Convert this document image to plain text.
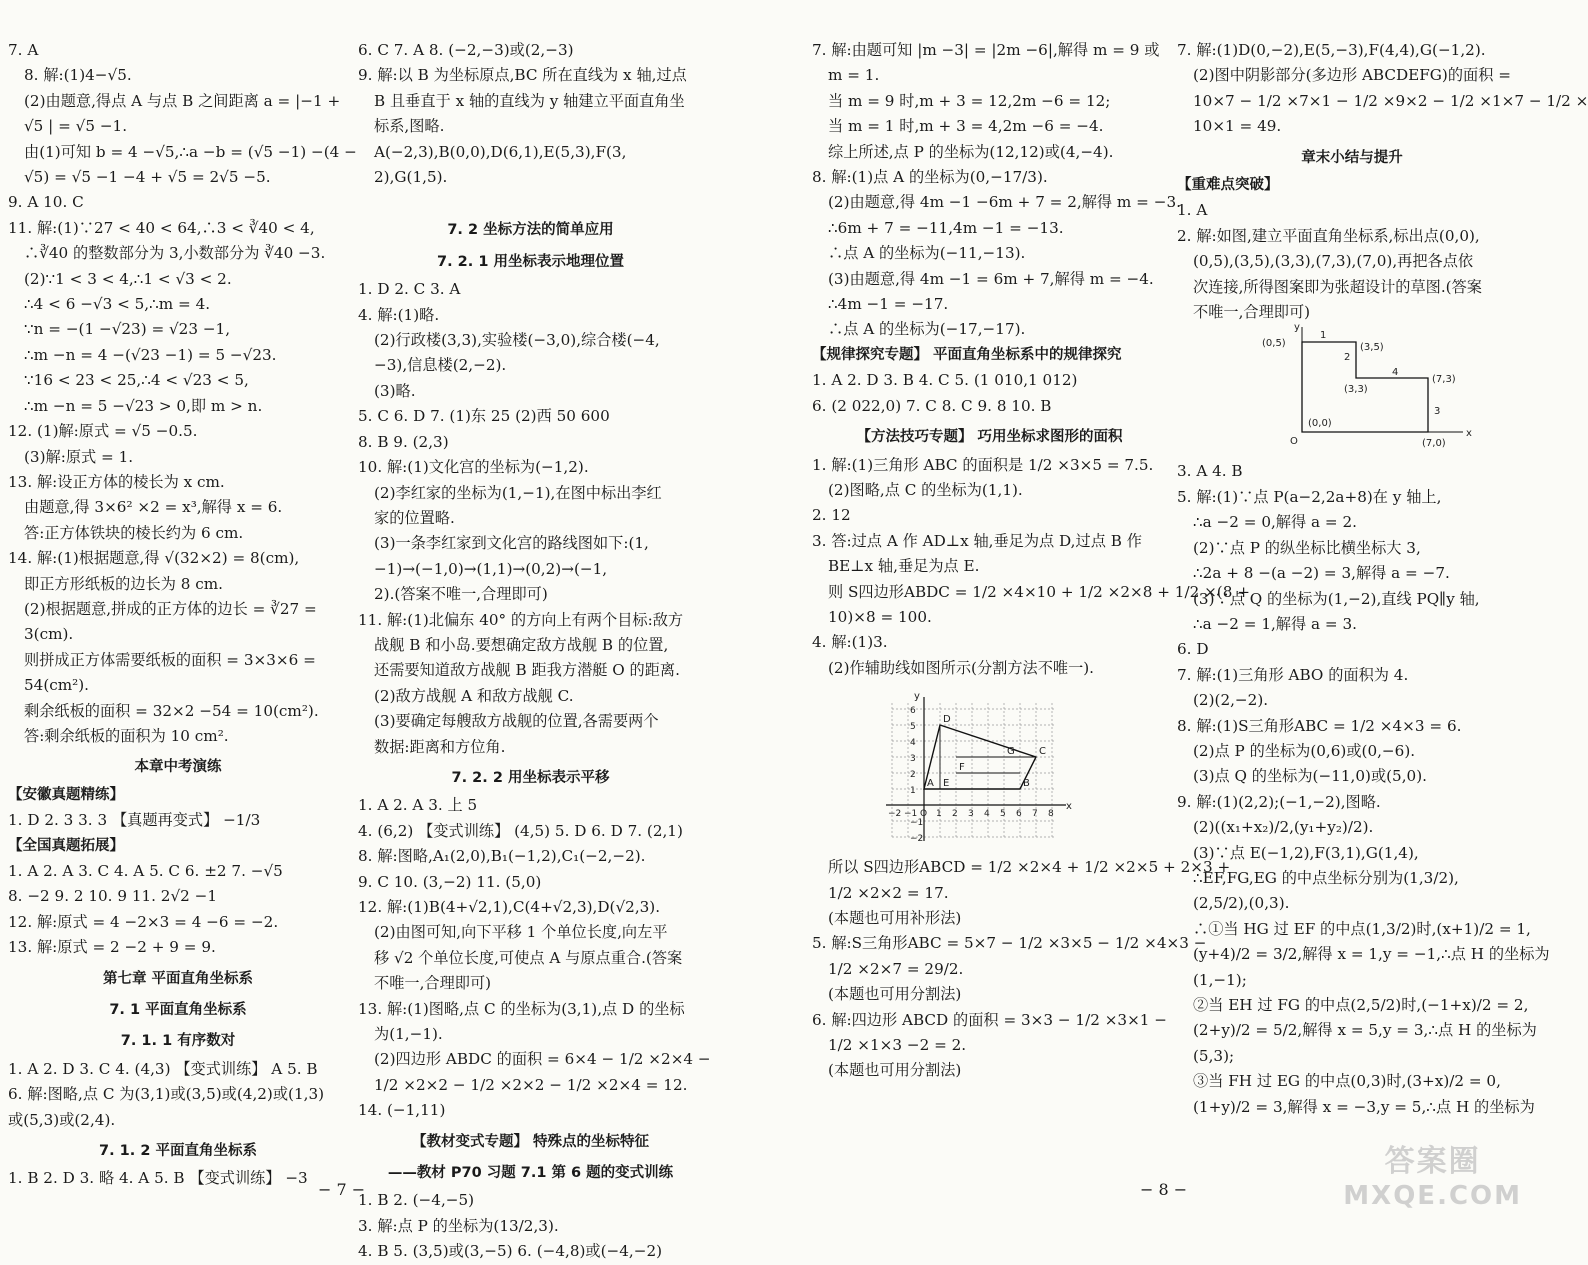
7. A
8. 解:(1)4−√5.
(2)由题意,得点 A 与点 B 之间距离 a = |−1 +
√5 | = √5 −1.
由(1)可知 b = 4 −√5,∴a −b = (√5 −1) −(4 −
√5) = √5 −1 −4 + √5 = 2√5 −5.
9. A 10. C
11. 解:(1)∵27 < 40 < 64,∴3 < ∛40 < 4,
∴∛40 的整数部分为 3,小数部分为 ∛40 −3.
(2)∵1 < 3 < 4,∴1 < √3 < 2.
∴4 < 6 −√3 < 5,∴m = 4.
∵n = −(1 −√23) = √23 −1,
∴m −n = 4 −(√23 −1) = 5 −√23.
∵16 < 23 < 25,∴4 < √23 < 5,
∴m −n = 5 −√23 > 0,即 m > n.
12. (1)解:原式 = √5 −0.5.
(3)解:原式 = 1.
13. 解:设正方体的棱长为 x cm.
由题意,得 3×6² ×2 = x³,解得 x = 6.
答:正方体铁块的棱长约为 6 cm.
14. 解:(1)根据题意,得 √(32×2) = 8(cm),
即正方形纸板的边长为 8 cm.
(2)根据题意,拼成的正方体的边长 = ∛27 =
3(cm).
则拼成正方体需要纸板的面积 = 3×3×6 =
54(cm²).
剩余纸板的面积 = 32×2 −54 = 10(cm²).
答:剩余纸板的面积为 10 cm².
本章中考演练
【安徽真题精练】
1. D 2. 3 3. 3 【真题再变式】 −1/3
【全国真题拓展】
1. A 2. A 3. C 4. A 5. C 6. ±2 7. −√5
8. −2 9. 2 10. 9 11. 2√2 −1
12. 解:原式 = 4 −2×3 = 4 −6 = −2.
13. 解:原式 = 2 −2 + 9 = 9.
第七章 平面直角坐标系
7. 1 平面直角坐标系
7. 1. 1 有序数对
1. A 2. D 3. C 4. (4,3) 【变式训练】 A 5. B
6. 解:图略,点 C 为(3,1)或(3,5)或(4,2)或(1,3)
或(5,3)或(2,4).
7. 1. 2 平面直角坐标系
1. B 2. D 3. 略 4. A 5. B 【变式训练】 −3
6. C 7. A 8. (−2,−3)或(2,−3)
9. 解:以 B 为坐标原点,BC 所在直线为 x 轴,过点
B 且垂直于 x 轴的直线为 y 轴建立平面直角坐
标系,图略.
A(−2,3),B(0,0),D(6,1),E(5,3),F(3,
2),G(1,5).
7. 2 坐标方法的简单应用
7. 2. 1 用坐标表示地理位置
1. D 2. C 3. A
4. 解:(1)略.
(2)行政楼(3,3),实验楼(−3,0),综合楼(−4,
−3),信息楼(2,−2).
(3)略.
5. C 6. D 7. (1)东 25 (2)西 50 600
8. B 9. (2,3)
10. 解:(1)文化宫的坐标为(−1,2).
(2)李红家的坐标为(1,−1),在图中标出李红
家的位置略.
(3)一条李红家到文化宫的路线图如下:(1,
−1)→(−1,0)→(1,1)→(0,2)→(−1,
2).(答案不唯一,合理即可)
11. 解:(1)北偏东 40° 的方向上有两个目标:敌方
战舰 B 和小岛.要想确定敌方战舰 B 的位置,
还需要知道敌方战舰 B 距我方潜艇 O 的距离.
(2)敌方战舰 A 和敌方战舰 C.
(3)要确定每艘敌方战舰的位置,各需要两个
数据:距离和方位角.
7. 2. 2 用坐标表示平移
1. A 2. A 3. 上 5
4. (6,2) 【变式训练】 (4,5) 5. D 6. D 7. (2,1)
8. 解:图略,A₁(2,0),B₁(−1,2),C₁(−2,−2).
9. C 10. (3,−2) 11. (5,0)
12. 解:(1)B(4+√2,1),C(4+√2,3),D(√2,3).
(2)由图可知,向下平移 1 个单位长度,向左平
移 √2 个单位长度,可使点 A 与原点重合.(答案
不唯一,合理即可)
13. 解:(1)图略,点 C 的坐标为(3,1),点 D 的坐标
为(1,−1).
(2)四边形 ABDC 的面积 = 6×4 − 1/2 ×2×4 −
1/2 ×2×2 − 1/2 ×2×2 − 1/2 ×2×4 = 12.
14. (−1,11)
【教材变式专题】 特殊点的坐标特征
——教材 P70 习题 7.1 第 6 题的变式训练
1. B 2. (−4,−5)
3. 解:点 P 的坐标为(13/2,3).
4. B 5. (3,5)或(3,−5) 6. (−4,8)或(−4,−2)
7. 解:由题可知 |m −3| = |2m −6|,解得 m = 9 或
m = 1.
当 m = 9 时,m + 3 = 12,2m −6 = 12;
当 m = 1 时,m + 3 = 4,2m −6 = −4.
综上所述,点 P 的坐标为(12,12)或(4,−4).
8. 解:(1)点 A 的坐标为(0,−17/3).
(2)由题意,得 4m −1 −6m + 7 = 2,解得 m = −3.
∴6m + 7 = −11,4m −1 = −13.
∴点 A 的坐标为(−11,−13).
(3)由题意,得 4m −1 = 6m + 7,解得 m = −4.
∴4m −1 = −17.
∴点 A 的坐标为(−17,−17).
【规律探究专题】 平面直角坐标系中的规律探究
1. A 2. D 3. B 4. C 5. (1 010,1 012)
6. (2 022,0) 7. C 8. C 9. 8 10. B
【方法技巧专题】 巧用坐标求图形的面积
1. 解:(1)三角形 ABC 的面积是 1/2 ×3×5 = 7.5.
(2)图略,点 C 的坐标为(1,1).
2. 12
3. 答:过点 A 作 AD⊥x 轴,垂足为点 D,过点 B 作
BE⊥x 轴,垂足为点 E.
则 S四边形ABDC = 1/2 ×4×10 + 1/2 ×2×8 + 1/2 ×(8 +
10)×8 = 100.
4. 解:(1)3.
(2)作辅助线如图所示(分割方法不唯一).
x
y
−2 −1 O 1 2 3 4 5 6 7 8
−2
−1
1
2
3
4
5
6
D
C
B
A E
F
G
所以 S四边形ABCD = 1/2 ×2×4 + 1/2 ×2×5 + 2×3 +
1/2 ×2×2 = 17.
(本题也可用补形法)
5. 解:S三角形ABC = 5×7 − 1/2 ×3×5 − 1/2 ×4×3 −
1/2 ×2×7 = 29/2.
(本题也可用分割法)
6. 解:四边形 ABCD 的面积 = 3×3 − 1/2 ×3×1 −
1/2 ×1×3 −2 = 2.
(本题也可用分割法)
7. 解:(1)D(0,−2),E(5,−3),F(4,4),G(−1,2).
(2)图中阴影部分(多边形 ABCDEFG)的面积 =
10×7 − 1/2 ×7×1 − 1/2 ×9×2 − 1/2 ×1×7 − 1/2 ×
10×1 = 49.
章末小结与提升
【重难点突破】
1. A
2. 解:如图,建立平面直角坐标系,标出点(0,0),
(0,5),(3,5),(3,3),(7,3),(7,0),再把各点依
次连接,所得图案即为张超设计的草图.(答案
不唯一,合理即可)
(0,5)	(3,5)
(3,3)
(7,3)
(0,0)
(7,0)
O
x
y
1
2
4
3
3. A 4. B
5. 解:(1)∵点 P(a−2,2a+8)在 y 轴上,
∴a −2 = 0,解得 a = 2.
(2)∵点 P 的纵坐标比横坐标大 3,
∴2a + 8 −(a −2) = 3,解得 a = −7.
(3)∵点 Q 的坐标为(1,−2),直线 PQ∥y 轴,
∴a −2 = 1,解得 a = 3.
6. D
7. 解:(1)三角形 ABO 的面积为 4.
(2)(2,−2).
8. 解:(1)S三角形ABC = 1/2 ×4×3 = 6.
(2)点 P 的坐标为(0,6)或(0,−6).
(3)点 Q 的坐标为(−11,0)或(5,0).
9. 解:(1)(2,2);(−1,−2),图略.
(2)((x₁+x₂)/2,(y₁+y₂)/2).
(3)∵点 E(−1,2),F(3,1),G(1,4),
∴EF,FG,EG 的中点坐标分别为(1,3/2),
(2,5/2),(0,3).
∴①当 HG 过 EF 的中点(1,3/2)时,(x+1)/2 = 1,
(y+4)/2 = 3/2,解得 x = 1,y = −1,∴点 H 的坐标为
(1,−1);
②当 EH 过 FG 的中点(2,5/2)时,(−1+x)/2 = 2,
(2+y)/2 = 5/2,解得 x = 5,y = 3,∴点 H 的坐标为
(5,3);
③当 FH 过 EG 的中点(0,3)时,(3+x)/2 = 0,
(1+y)/2 = 3,解得 x = −3,y = 5,∴点 H 的坐标为
− 7 −	− 8 −
答案圈
MXQE.COM
